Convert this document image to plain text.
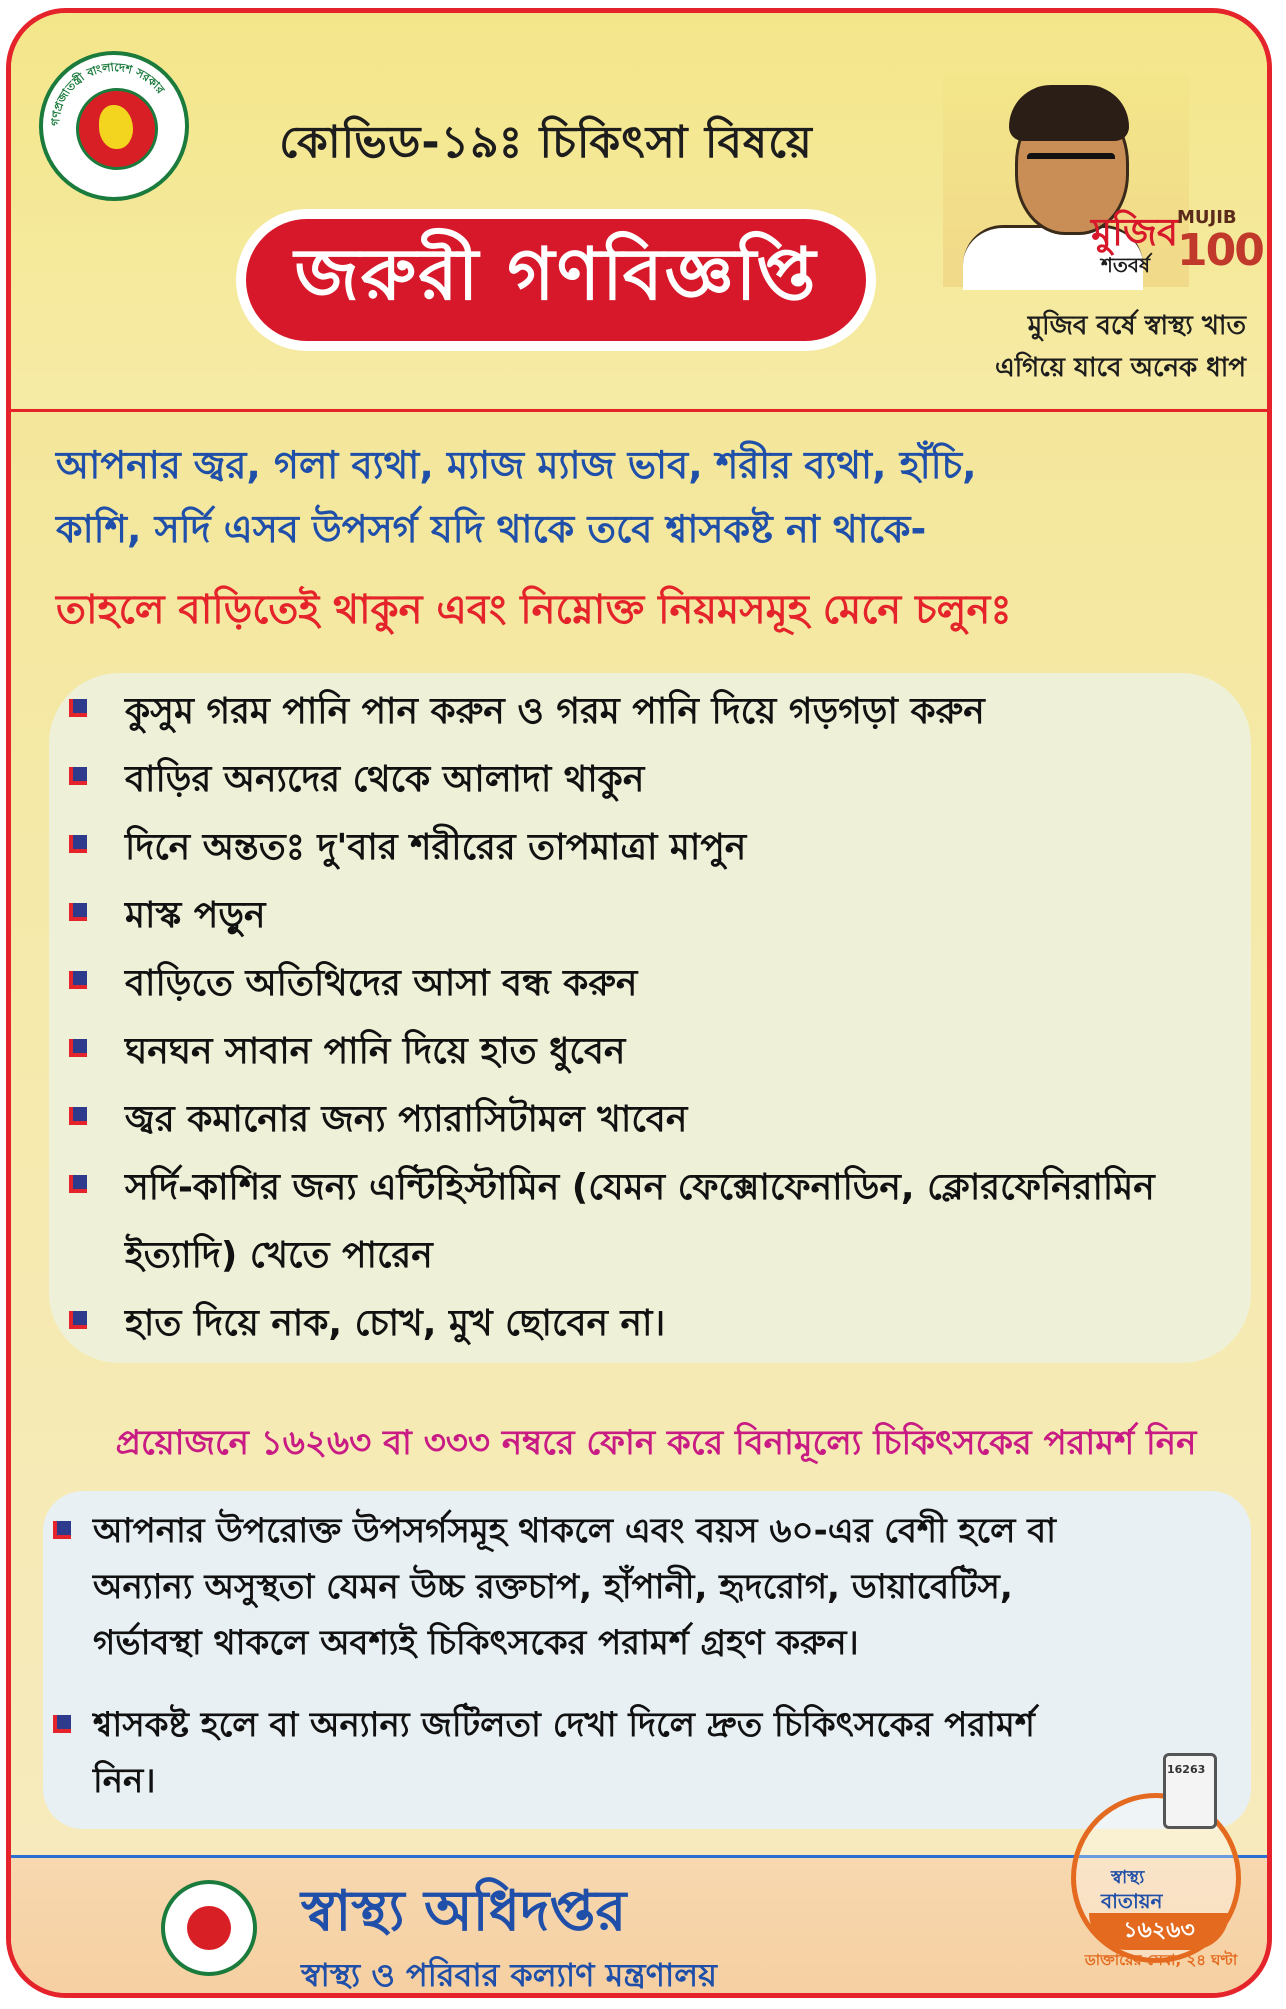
গণপ্রজাতন্ত্রী বাংলাদেশ সরকার
কোভিড-১৯ঃ চিকিৎসা বিষয়ে
জরুরী গণবিজ্ঞপ্তি	মুজিব
শতবর্ষ
MUJIB
100
মুজিব বর্ষে স্বাস্থ্য খাত
এগিয়ে যাবে অনেক ধাপ
আপনার জ্বর, গলা ব্যথা, ম্যাজ ম্যাজ ভাব, শরীর ব্যথা, হাঁচি,
কাশি, সর্দি এসব উপসর্গ যদি থাকে তবে শ্বাসকষ্ট না থাকে-
তাহলে বাড়িতেই থাকুন এবং নিম্নোক্ত নিয়মসমূহ মেনে চলুনঃ
কুসুম গরম পানি পান করুন ও গরম পানি দিয়ে গড়গড়া করুন
বাড়ির অন্যদের থেকে আলাদা থাকুন
দিনে অন্ততঃ দু'বার শরীরের তাপমাত্রা মাপুন
মাস্ক পড়ুন
বাড়িতে অতিথিদের আসা বন্ধ করুন
ঘনঘন সাবান পানি দিয়ে হাত ধুবেন
জ্বর কমানোর জন্য প্যারাসিটামল খাবেন
সর্দি-কাশির জন্য এন্টিহিস্টামিন (যেমন ফেক্সোফেনাডিন, ক্লোরফেনিরামিন
ইত্যাদি) খেতে পারেন
হাত দিয়ে নাক, চোখ, মুখ ছোবেন না।
প্রয়োজনে ১৬২৬৩ বা ৩৩৩ নম্বরে ফোন করে বিনামূল্যে চিকিৎসকের পরামর্শ নিন
আপনার উপরোক্ত উপসর্গসমূহ থাকলে এবং বয়স ৬০-এর বেশী হলে বা
অন্যান্য অসুস্থতা যেমন উচ্চ রক্তচাপ, হাঁপানী, হৃদরোগ, ডায়াবেটিস,
গর্ভাবস্থা থাকলে অবশ্যই চিকিৎসকের পরামর্শ গ্রহণ করুন।
শ্বাসকষ্ট হলে বা অন্যান্য জটিলতা দেখা দিলে দ্রুত চিকিৎসকের পরামর্শ
নিন।
স্বাস্থ্য অধিদপ্তর
স্বাস্থ্য ও পরিবার কল্যাণ মন্ত্রণালয়
16263
স্বাস্থ্য
বাতায়ন
১৬২৬৩
ডাক্তারের সেবা, ২৪ ঘণ্টা
